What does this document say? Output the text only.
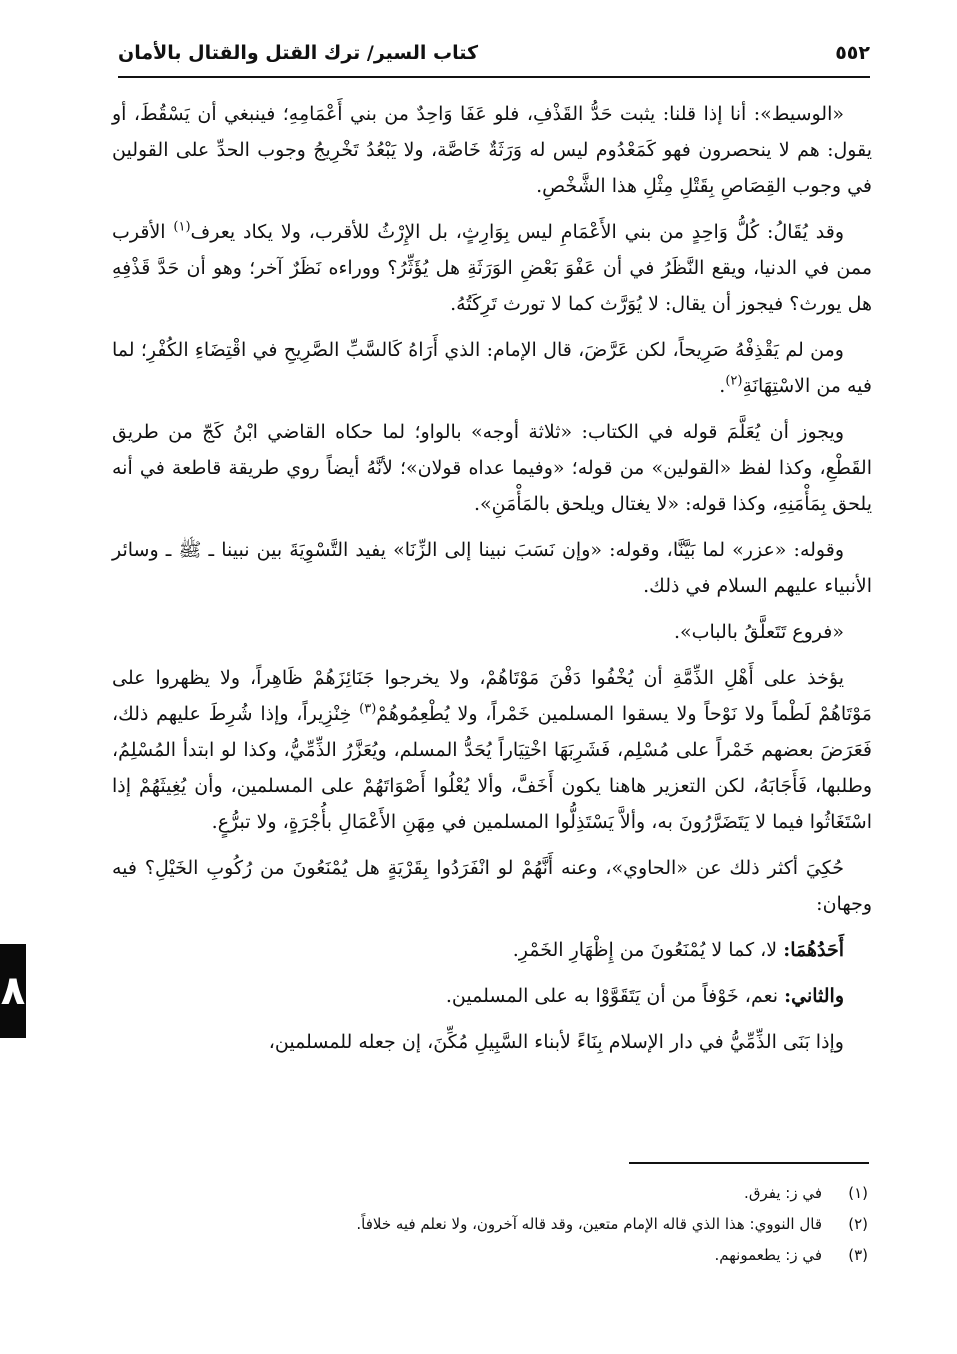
٥٥٢
كتاب السير/ ترك القتل والقتال بالأمان

«الوسيط»: أنا إذا قلنا: يثبت حَدُّ القَذْفِ، فلو عَفَا وَاحِدٌ من بني أَعْمَامِهِ؛ فينبغي أن يَسْقُطَ، أو يقول: هم لا ينحصرون فهو كَمَعْدُوم ليس له وَرَثَةٌ خَاصَّة، ولا يَبْعُدُ تَخْرِيجُ وجوب الحدِّ على القولين في وجوب القِصَاصِ بِقَتْلِ مِثْلِ هذا الشَّخْصِ.

وقد يُقَالُ: كُلُّ وَاحِدٍ من بني الأَعْمَامِ ليس بِوَارِثٍ، بل الإِرْثُ للأقرب، ولا يكاد يعرف$^{(١)}$ الأقرب ممن في الدنيا، ويقع النَّظَرُ في أن عَفْوَ بَعْضِ الوَرَثَةِ هل يُؤَثِّرُ؟ ووراءه نَظَرٌ آخر؛ وهو أن حَدَّ قَذْفِهِ هل يورث؟ فيجوز أن يقال: لا يُوَرَّث كما لا تورث تَرِكَتُهُ.

ومن لم يَقْذِفْهُ صَرِيحاً، لكن عَرَّضَ، قال الإمام: الذي أَرَاهُ كَالسَّبِّ الصَّرِيحِ في اقْتِضَاءِ الكُفْرِ؛ لما فيه من الاسْتِهَانَةِ$^{(٢)}$.

ويجوز أن يُعَلَّمَ قوله في الكتاب: «ثلاثة أوجه» بالواو؛ لما حكاه القاضي ابْنُ كَجّ من طريق القَطْعِ، وكذا لفظ «القولين» من قوله؛ «وفيما عداه قولان»؛ لأنَّهُ أيضاً روي طريقة قاطعة في أنه يلحق بِمَأْمَنِهِ، وكذا قوله: «لا يغتال ويلحق بالمَأْمَنِ».

وقوله: «عزر» لما بَيَّنَّا، وقوله: «وإن نَسَبَ نبينا إلى الزِّنَا» يفيد التَّسْوِيَةَ بين نبينا ـ ﷺ ـ وسائر الأنبياء عليهم السلام في ذلك.

«فروع تَتَعلَّقُ بالباب».

يؤخذ على أَهْلِ الذِّمَّةِ أن يُخْفُوا دَفْنَ مَوْتَاهُمْ، ولا يخرجوا جَنَائِزَهُمْ ظَاهِراً، ولا يظهروا على مَوْتَاهُمْ لَطْماً ولا نَوْحاً ولا يسقوا المسلمين خَمْراً، ولا يُطْعِمُوهُمْ$^{(٣)}$ خِنْزِيراً، وإذا شُرِطَ عليهم ذلك، فَعَرَضَ بعضهم خَمْراً على مُسْلِم، فَشَرِبَهَا اخْتِيَاراً يُحَدُّ المسلم، ويُعَزَّرُ الذِّمِّيُّ، وكذا لو ابتدأ المُسْلِمُ، وطلبها، فَأَجَابَهُ، لكن التعزير هاهنا يكون أَخَفَّ، وألا يُعْلُوا أَصْوَاتَهُمْ على المسلمين، وأن يُغِيثَهُمْ إذا اسْتَغَاثُوا فيما لا يَتَضَرَّرُونَ به، وألاَّ يَسْتَذِلُّوا المسلمين في مِهَنِ الأَعْمَالِ بأُجْرَةٍ، ولا تبرُّعٍ.

حُكِيَ أكثر ذلك عن «الحاوي»، وعنه أَنَّهُمْ لو انْفَرَدُوا بِقَرْيَةٍ هل يُمْنَعُونَ من رُكُوبِ الخَيْلِ؟ فيه وجهان:

أَحَدُهُمَا: لا، كما لا يُمْنَعُونَ من إِظْهَارِ الخَمْرِ.

والثاني: نعم، خَوْفاً من أن يَتَقَوَّوْا به على المسلمين.

وإذا بَنَى الذِّمِّيُّ في دار الإسلام بِنَاءً لأبناء السَّبِيلِ مُكِّنَ، إن جعله للمسلمين،

(١)في ز: يفرق.
(٢)قال النووي: هذا الذي قاله الإمام متعين، وقد قاله آخرون، ولا نعلم فيه خلافاً.
(٣)في ز: يطعمونهم.
٨
